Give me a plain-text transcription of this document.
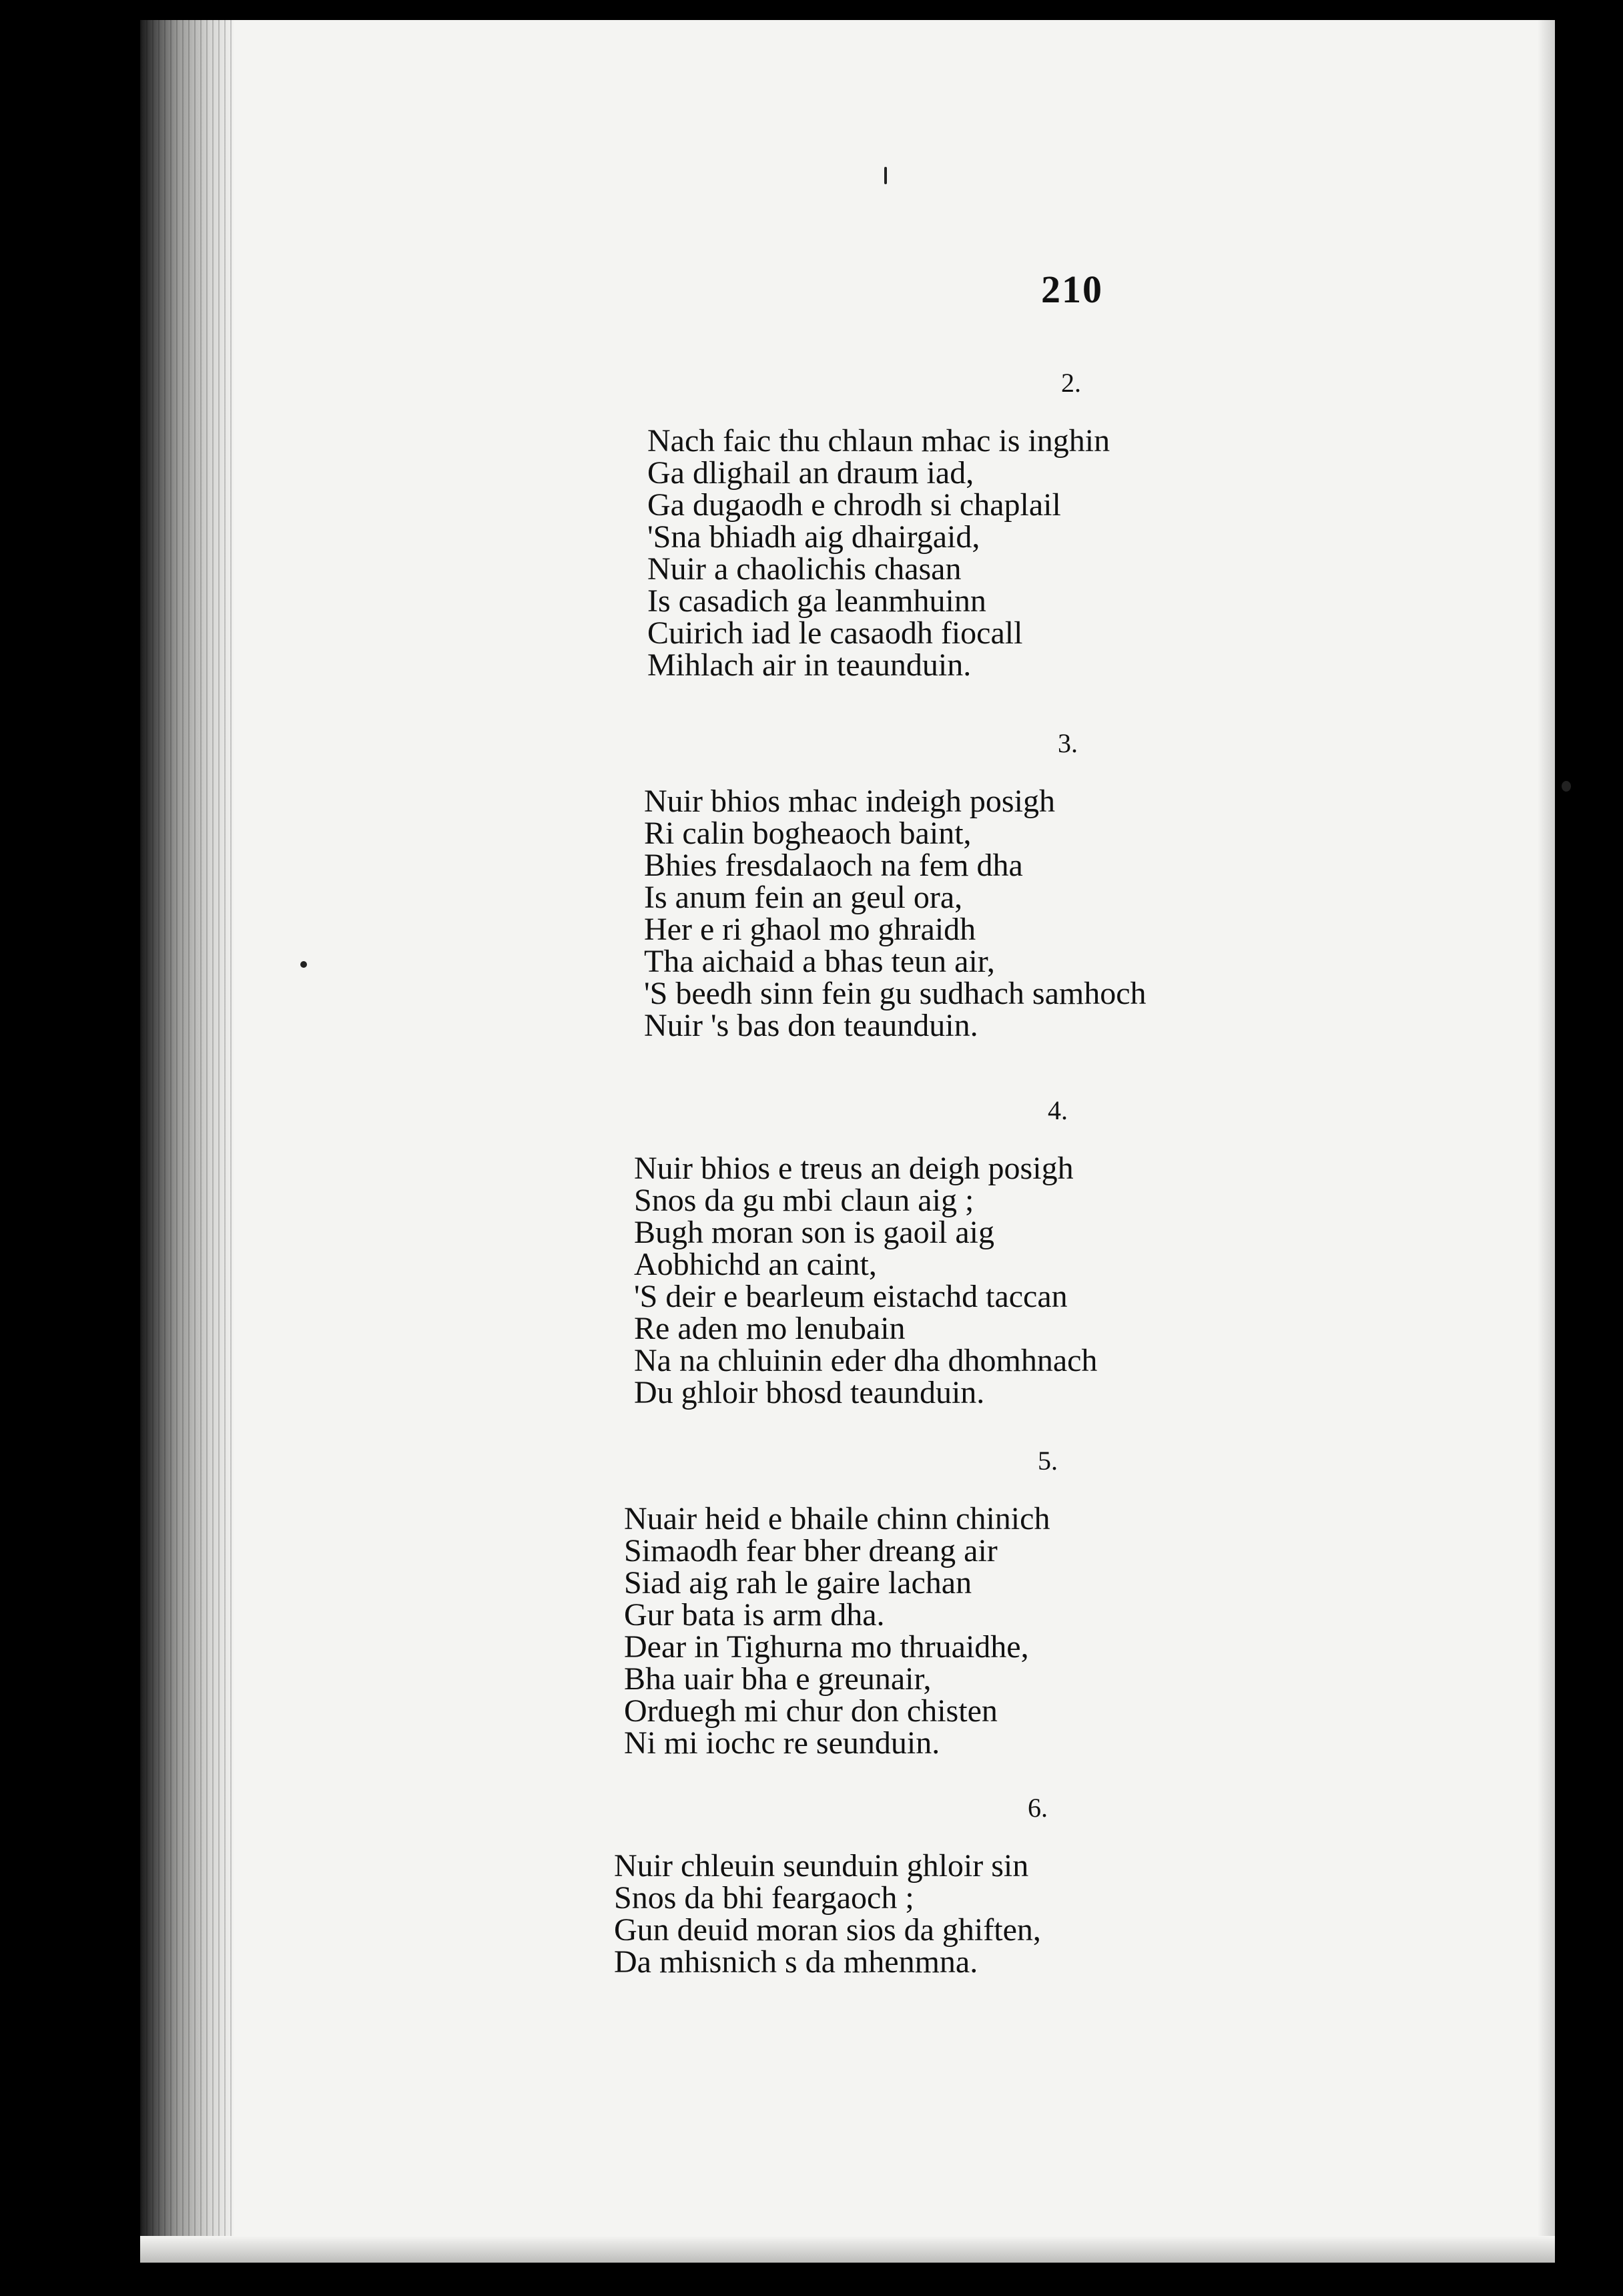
210
2.
Nach faic thu chlaun mhac is inghin
Ga dlighail an draum iad,
Ga dugaodh e chrodh si chaplail
'Sna bhiadh aig dhairgaid,
Nuir a chaolichis chasan
Is casadich ga leanmhuinn
Cuirich iad le casaodh fiocall
Mihlach air in teaunduin.
3.
Nuir bhios mhac indeigh posigh
Ri calin bogheaoch baint,
Bhies fresdalaoch na fem dha
Is anum fein an geul ora,
Her e ri ghaol mo ghraidh
Tha aichaid a bhas teun air,
'S beedh sinn fein gu sudhach samhoch
Nuir 's bas don teaunduin.
4.
Nuir bhios e treus an deigh posigh
Snos da gu mbi claun aig ;
Bugh moran son is gaoil aig
Aobhichd an caint,
'S deir e bearleum eistachd taccan
Re aden mo lenubain
Na na chluinin eder dha dhomhnach
Du ghloir bhosd teaunduin.
5.
Nuair heid e bhaile chinn chinich
Simaodh fear bher dreang air
Siad aig rah le gaire lachan
Gur bata is arm dha.
Dear in Tighurna mo thruaidhe,
Bha uair bha e greunair,
Orduegh mi chur don chisten
Ni mi iochc re seunduin.
6.
Nuir chleuin seunduin ghloir sin
Snos da bhi feargaoch ;
Gun deuid moran sios da ghiften,
Da mhisnich s da mhenmna.
